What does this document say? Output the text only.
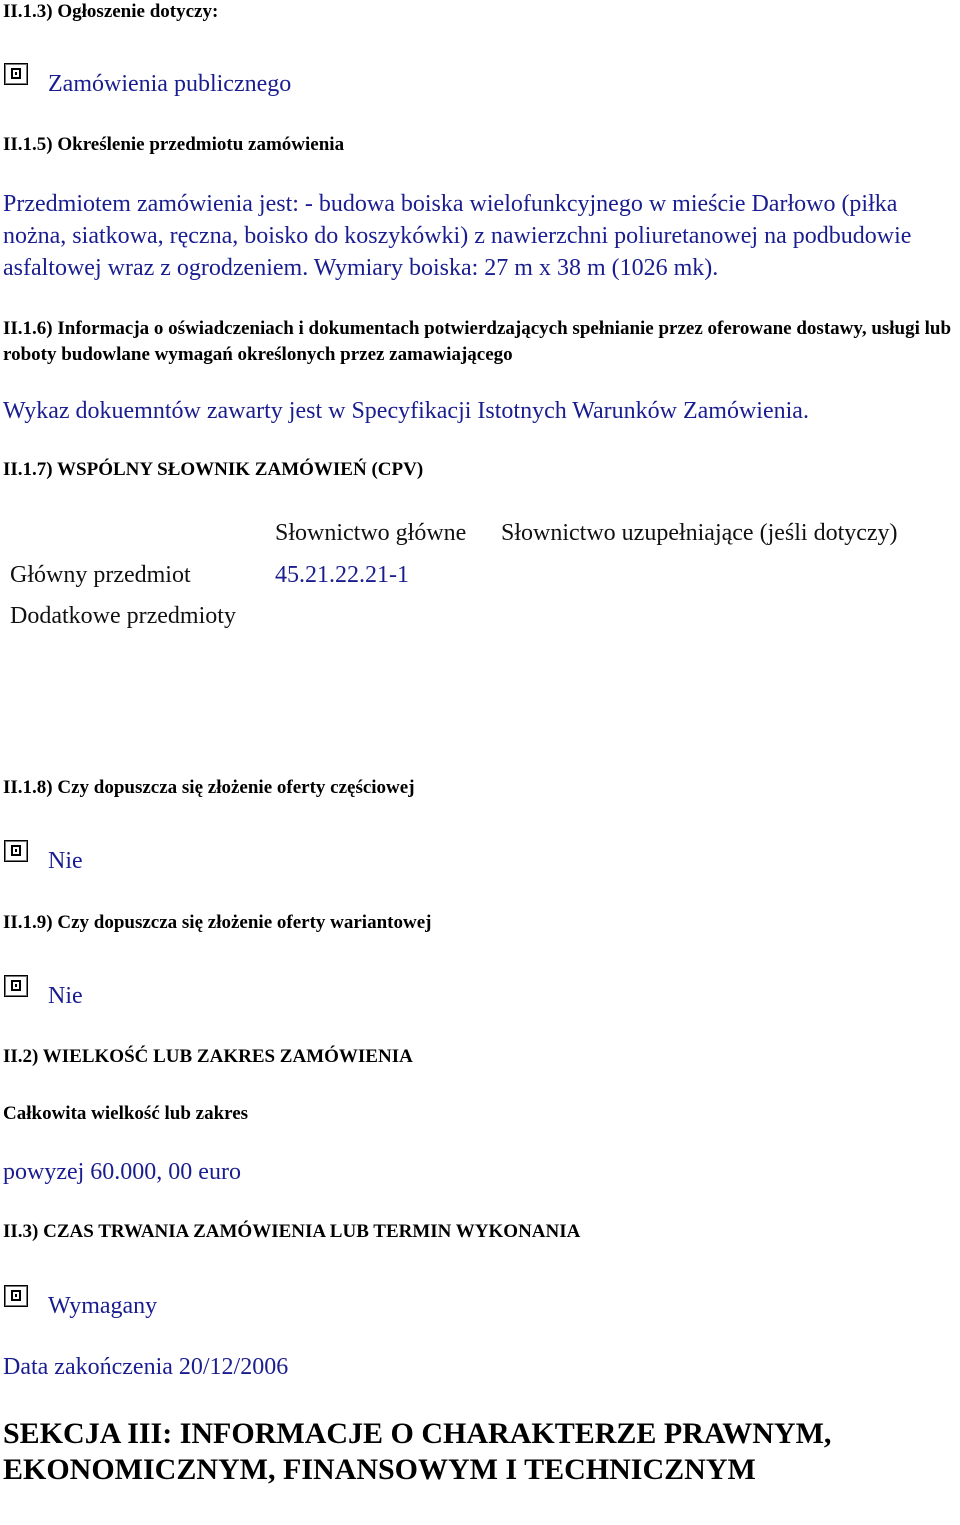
II.1.3) Ogłoszenie dotyczy:
Zamówienia publicznego
II.1.5) Określenie przedmiotu zamówienia
Przedmiotem zamówienia jest: - budowa boiska wielofunkcyjnego w mieście Darłowo (piłka nożna, siatkowa, ręczna, boisko do koszykówki) z nawierzchni poliuretanowej na podbudowie asfaltowej wraz z ogrodzeniem. Wymiary boiska: 27 m x 38 m (1026 mk).
II.1.6) Informacja o oświadczeniach i dokumentach potwierdzających spełnianie przez oferowane dostawy, usługi lub roboty budowlane wymagań określonych przez zamawiającego
Wykaz dokuemntów zawarty jest w Specyfikacji Istotnych Warunków Zamówienia.
II.1.7) WSPÓLNY SŁOWNIK ZAMÓWIEŃ (CPV)
Słownictwo główne Słownictwo uzupełniające (jeśli dotyczy)
Główny przedmiot	45.21.22.21-1
Dodatkowe przedmioty
II.1.8) Czy dopuszcza się złożenie oferty częściowej
Nie
II.1.9) Czy dopuszcza się złożenie oferty wariantowej
Nie
II.2) WIELKOŚĆ LUB ZAKRES ZAMÓWIENIA
Całkowita wielkość lub zakres
powyzej 60.000, 00 euro
II.3) CZAS TRWANIA ZAMÓWIENIA LUB TERMIN WYKONANIA
Wymagany
Data zakończenia 20/12/2006
SEKCJA III: INFORMACJE O CHARAKTERZE PRAWNYM, EKONOMICZNYM, FINANSOWYM I TECHNICZNYM
